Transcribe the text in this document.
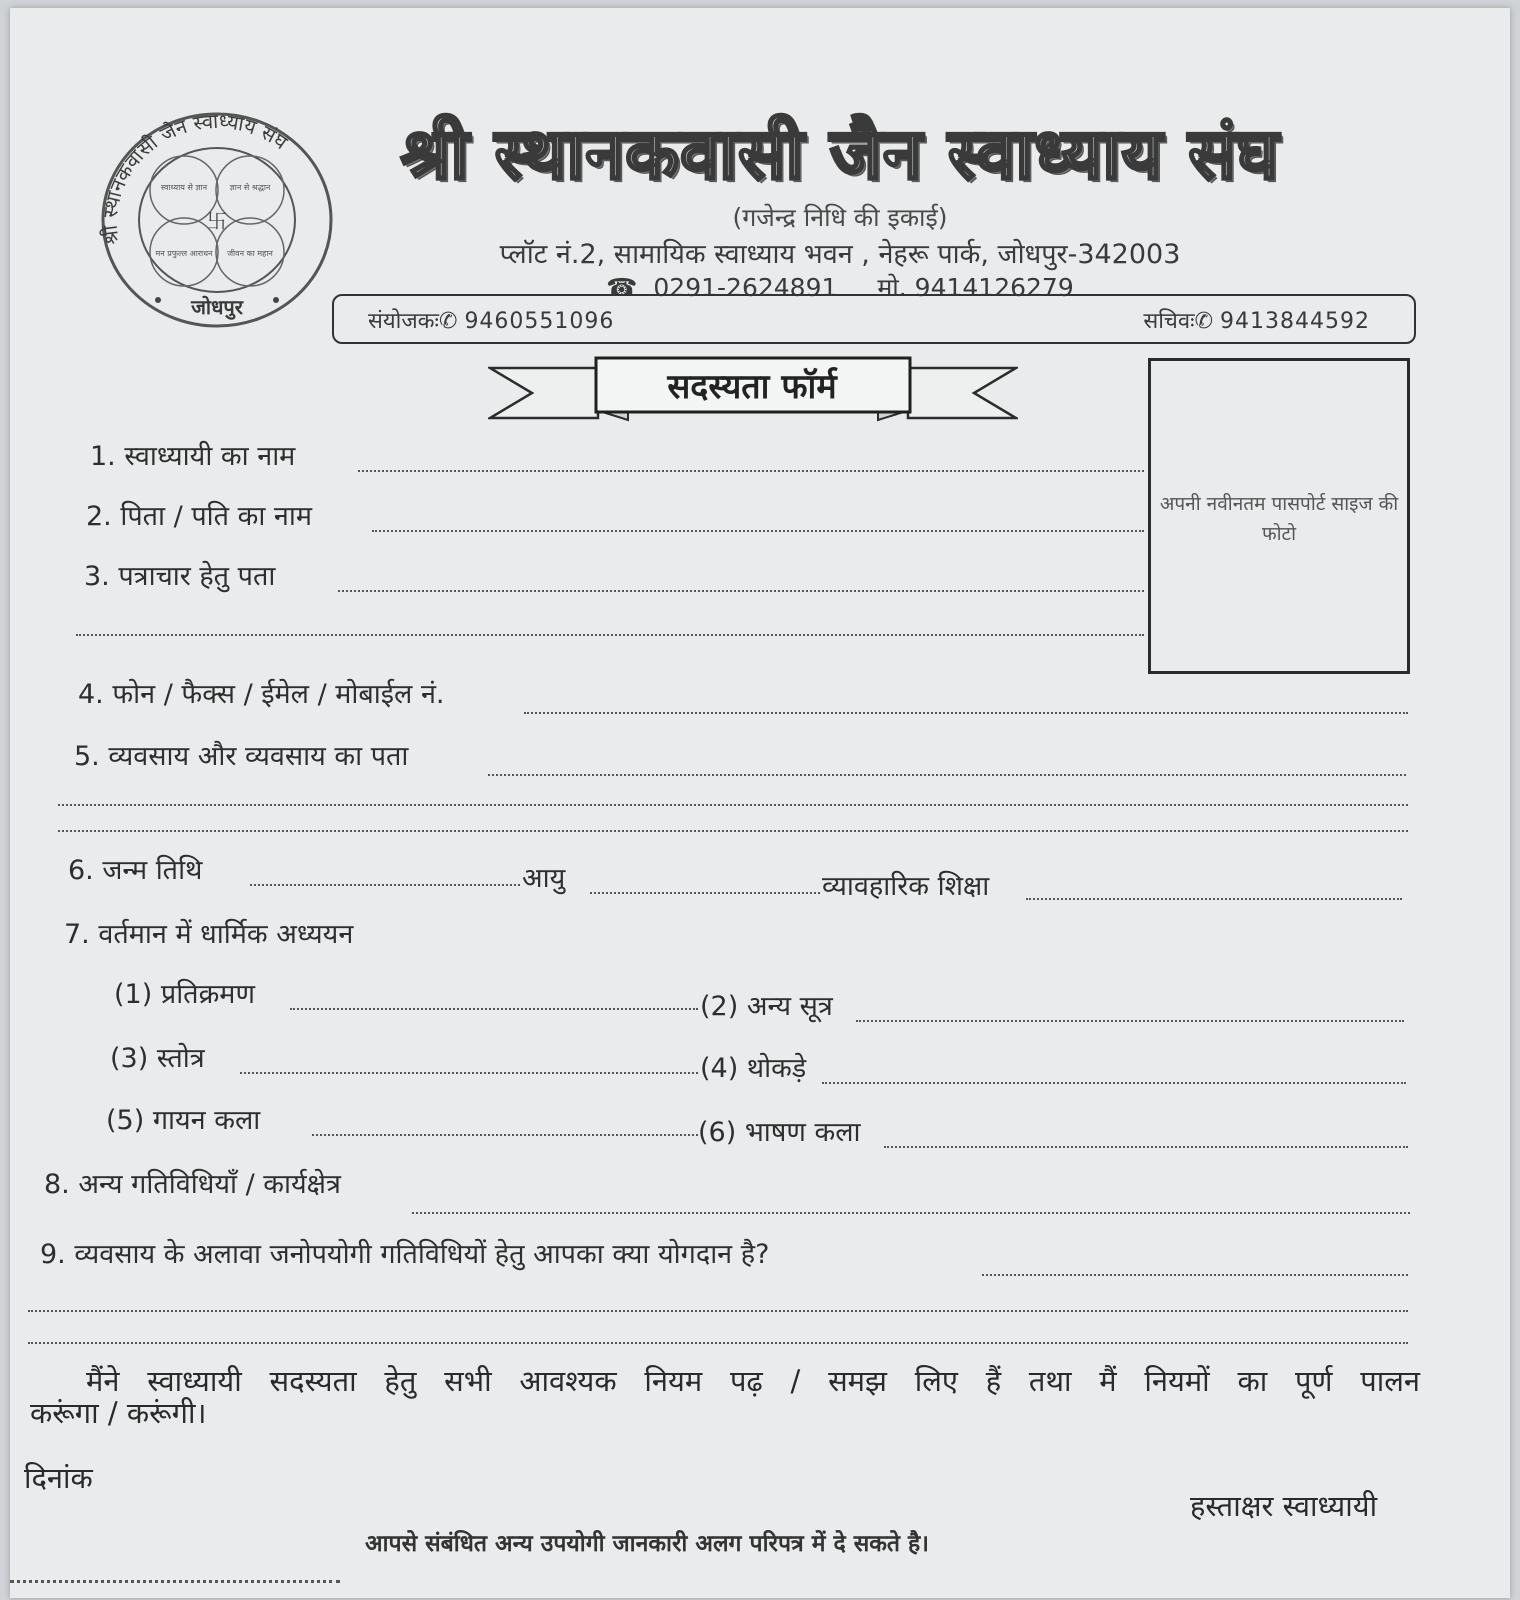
卐
श्री स्थानकवासी जैन स्वाध्याय संघ
जोधपुर
स्वाध्याय से ज्ञान	ज्ञान से श्रद्धान
मन प्रफुल्ल आराधन जीवन का महान
श्री स्थानकवासी जैन स्वाध्याय संघ
(गजेन्द्र निधि की इकाई)
प्लॉट नं.2, सामायिक स्वाध्याय भवन , नेहरू पार्क, जोधपुर-342003
☎ 0291-2624891 मो. 9414126279
संयोजकः✆ 9460551096	सचिवः✆ 9413844592
सदस्यता फॉर्म
अपनी नवीनतम पासपोर्ट साइज की फोटो
1. स्वाध्यायी का नाम
2. पिता / पति का नाम
3. पत्राचार हेतु पता
4. फोन / फैक्स / ईमेल / मोबाईल नं.
5. व्यवसाय और व्यवसाय का पता
6. जन्म तिथि	आयु	व्यावहारिक शिक्षा
7. वर्तमान में धार्मिक अध्ययन
(1) प्रतिक्रमण	(2) अन्य सूत्र
(3) स्तोत्र	(4) थोकड़े
(5) गायन कला	(6) भाषण कला
8. अन्य गतिविधियाँ / कार्यक्षेत्र
9. व्यवसाय के अलावा जनोपयोगी गतिविधियों हेतु आपका क्या योगदान है?
मैंने स्वाध्यायी सदस्यता हेतु सभी आवश्यक नियम पढ़ / समझ लिए हैं तथा मैं नियमों का पूर्ण पालन
करूंगा / करूंगी।
दिनांक
हस्ताक्षर स्वाध्यायी
आपसे संबंधित अन्य उपयोगी जानकारी अलग परिपत्र में दे सकते है।
